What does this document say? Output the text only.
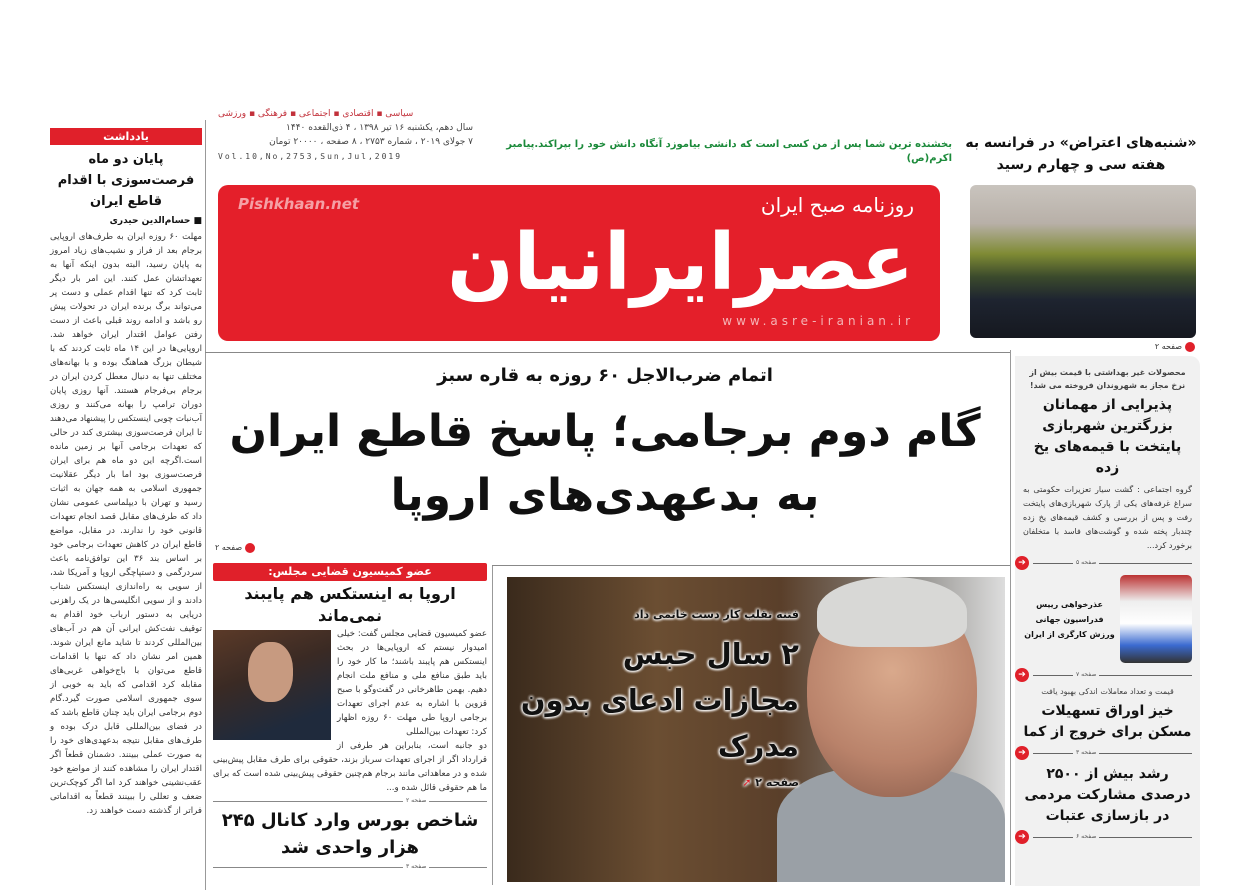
یادداشت
پایان دو ماه فرصت‌سوزی با اقدام قاطع ایران
■ حسام‌الدین حیدری
مهلت ۶۰ روزه ایران به طرف‌های اروپایی برجام بعد از فراز و نشیب‌های زیاد امروز به پایان رسید، البته بدون اینکه آنها به تعهداتشان عمل کنند. این امر بار دیگر ثابت کرد که تنها اقدام عملی و دست پر می‌تواند برگ برنده ایران در تحولات پیش رو باشد و ادامه روند قبلی باعث از دست رفتن عوامل اقتدار ایران خواهد شد. اروپایی‌ها در این ۱۴ ماه ثابت کردند که با شیطان بزرگ هماهنگ بوده و با بهانه‌های مختلف تنها به دنبال معطل کردن ایران در برجام بی‌فرجام هستند. آنها روزی پایان دوران ترامپ را بهانه می‌کنند و روزی آب‌نبات چوبی اینستکس را پیشنهاد می‌دهند تا ایران فرصت‌سوزی بیشتری کند در حالی که تعهدات برجامی آنها بر زمین مانده است.اگرچه این دو ماه هم برای ایران فرصت‌سوزی بود اما بار دیگر عقلانیت جمهوری اسلامی به همه جهان به اثبات رسید و تهران با دیپلماسی عمومی نشان داد که طرف‌های مقابل قصد انجام تعهدات قانونی خود را ندارند. در مقابل، مواضع قاطع ایران در کاهش تعهدات برجامی خود بر اساس بند ۳۶ این توافق‌نامه باعث سردرگمی و دستپاچگی اروپا و آمریکا شد، از سویی به راه‌اندازی اینستکس شتاب دادند و از سویی انگلیسی‌ها در یک راهزنی دریایی به دستور ارباب خود اقدام به توقیف نفت‌کش ایرانی آن هم در آب‌های بین‌المللی کردند تا شاید مانع ایران شوند. همین امر نشان داد که تنها با اقدامات قاطع می‌توان با باج‌خواهی غربی‌های مقابله کرد اقدامی که باید به خوبی از سوی جمهوری اسلامی صورت گیرد.گام دوم برجامی ایران باید چنان قاطع باشد که در فضای بین‌المللی قابل درک بوده و طرف‌های مقابل نتیجه بدعهدی‌های خود را به صورت عملی ببینند. دشمنان قطعاً اگر اقتدار ایران را مشاهده کنند از مواضع خود عقب‌نشینی خواهند کرد اما اگر کوچک‌ترین ضعف و تعللی را ببینند قطعاً به اقداماتی فراتر از گذشته دست خواهند زد.
سیاسی ▪ اقتصادی ▪ اجتماعی ▪ فرهنگی ▪ ورزشی
سال دهم، یکشنبه ۱۶ تیر ۱۳۹۸ ، ۴ ذی‌القعده ۱۴۴۰
۷ جولای ۲۰۱۹ ، شماره ۲۷۵۳ ، ۸ صفحه ، ۲۰۰۰۰ تومان
Vol.10,No,2753,Sun,Jul,2019
بخشنده ترین شما پس از من کسی است که دانشی بیاموزد آنگاه دانش خود را بپراکند.پیامبر اکرم(ص)
Pishkhaan.net	روزنامه صبح ایران
عصرایرانیان
www.asre-iranian.ir
«شنبه‌های اعتراض» در فرانسه به هفته سی و چهارم رسید
صفحه ۲
اتمام ضرب‌الاجل ۶۰ روزه به قاره سبز
گام دوم برجامی؛ پاسخ قاطع ایران به بدعهدی‌های اروپا
صفحه ۲
محصولات غیر بهداشتی با قیمت بیش از نرخ مجاز به شهروندان فروخته می شد!
پذیرایی از مهمانان بزرگترین شهربازی پایتخت با قیمه‌های یخ زده
گروه اجتماعی : گشت سیار تعزیرات حکومتی به سراغ غرفه‌های یکی از پارک شهربازی‌های پایتخت رفت و پس از بررسی و کشف قیمه‌های یخ زده چندبار پخته شده و گوشت‌های فاسد با متخلفان برخورد کرد...
➔	صفحه ۵
عذرخواهی رییس فدراسیون جهانی ورزش کارگری از ایران
➔	صفحه ۷
قیمت و تعداد معاملات اندکی بهبود یافت
خیز اوراق تسهیلات مسکن برای خروج از کما
➔	صفحه ۳
رشد بیش از ۲۵۰۰ درصدی مشارکت مردمی در بازسازی عتبات
➔	صفحه ۶
عضو کمیسیون قضایی مجلس:
اروپا به اینستکس هم پایبند نمی‌ماند
عضو کمیسیون قضایی مجلس گفت: خیلی امیدوار نیستم که اروپایی‌ها در بحث اینستکس هم پایبند باشند؛ ما کار خود را باید طبق منافع ملی و منافع ملت انجام دهیم. بهمن طاهرخانی در گفت‌وگو با صبح قزوین با اشاره به عدم اجرای تعهدات برجامی اروپا طی مهلت ۶۰ روزه اظهار کرد: تعهدات بین‌المللی
دو جانبه است، بنابراین هر طرفی از قرارداد اگر از اجرای تعهدات سرباز بزند، حقوقی برای طرف مقابل پیش‌بینی شده و در معاهداتی مانند برجام هم‌چنین حقوقی پیش‌بینی شده است که برای ما هم حقوقی قائل شده و...
صفحه ۲
شاخص بورس وارد کانال ۲۴۵ هزار واحدی شد
صفحه ۳
فتنه تقلب کار دست خاتمی داد
۲ سال حبس مجازات ادعای بدون مدرک
صفحه ۲ ➚
